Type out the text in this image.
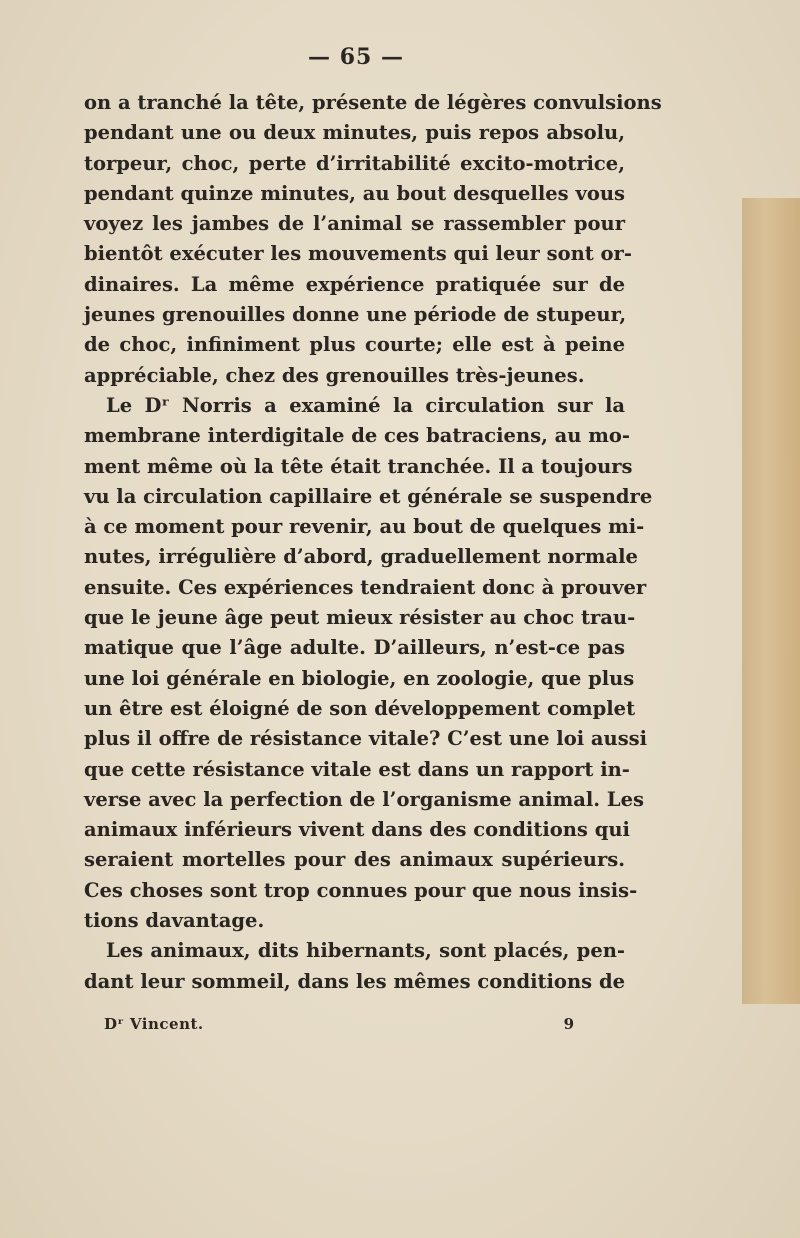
— 65 —
on a tranché la tête, présente de légères convulsions
pendant une ou deux minutes, puis repos absolu,
torpeur, choc, perte d’irritabilité excito-motrice,
pendant quinze minutes, au bout desquelles vous
voyez les jambes de l’animal se rassembler pour
bientôt exécuter les mouvements qui leur sont or-
dinaires. La même expérience pratiquée sur de
jeunes grenouilles donne une période de stupeur,
de choc, infiniment plus courte; elle est à peine
appréciable, chez des grenouilles très-jeunes.
Le Dʳ Norris a examiné la circulation sur la
membrane interdigitale de ces batraciens, au mo-
ment même où la tête était tranchée. Il a toujours
vu la circulation capillaire et générale se suspendre
à ce moment pour revenir, au bout de quelques mi-
nutes, irrégulière d’abord, graduellement normale
ensuite. Ces expériences tendraient donc à prouver
que le jeune âge peut mieux résister au choc trau-
matique que l’âge adulte. D’ailleurs, n’est-ce pas
une loi générale en biologie, en zoologie, que plus
un être est éloigné de son développement complet
plus il offre de résistance vitale? C’est une loi aussi
que cette résistance vitale est dans un rapport in-
verse avec la perfection de l’organisme animal. Les
animaux inférieurs vivent dans des conditions qui
seraient mortelles pour des animaux supérieurs.
Ces choses sont trop connues pour que nous insis-
tions davantage.
Les animaux, dits hibernants, sont placés, pen-
dant leur sommeil, dans les mêmes conditions de
Dʳ Vincent.	9
